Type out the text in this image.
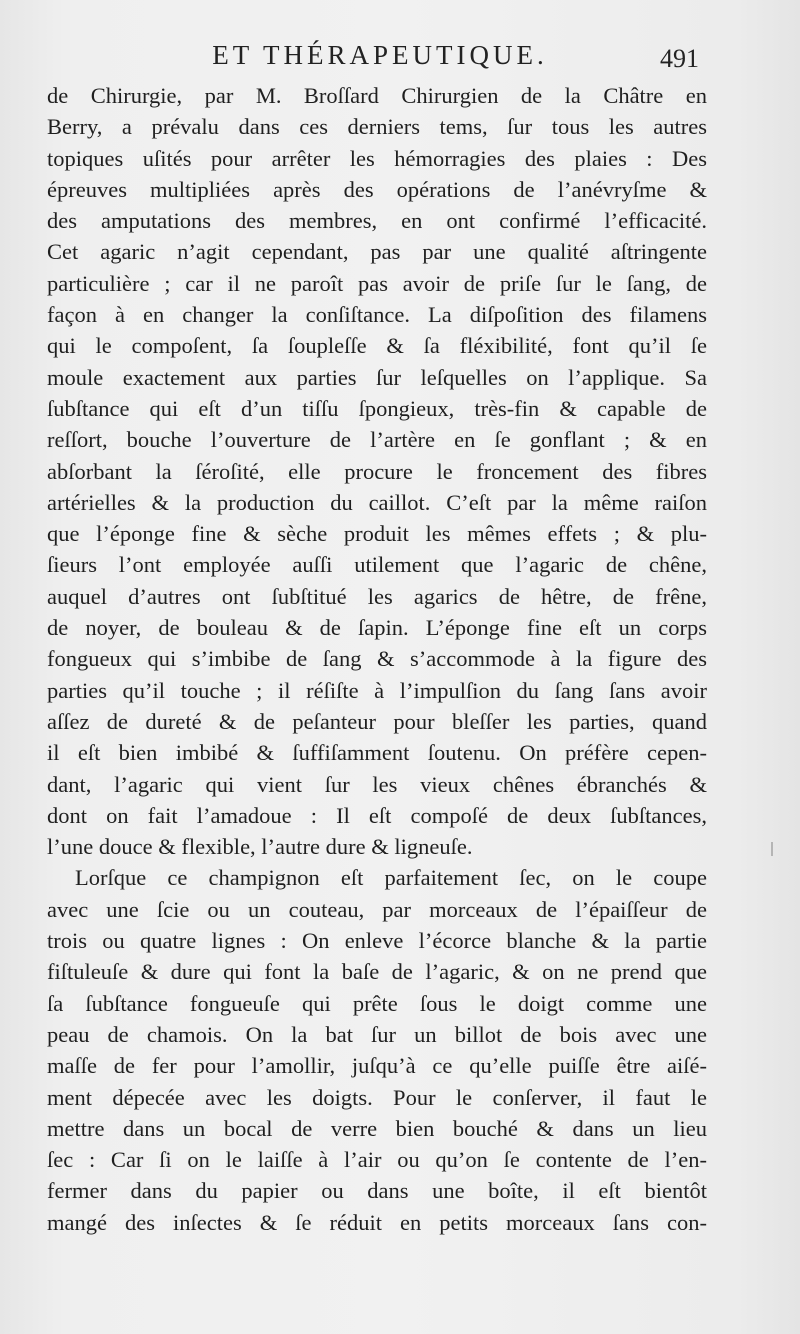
ET THÉRAPEUTIQUE.	491
de Chirurgie, par M. Broſſard Chirurgien de la Châtre en
Berry, a prévalu dans ces derniers tems, ſur tous les autres
topiques uſités pour arrêter les hémorragies des plaies : Des
épreuves multipliées après des opérations de l’anévryſme &
des amputations des membres, en ont confirmé l’efficacité.
Cet agaric n’agit cependant, pas par une qualité aſtringente
particulière ; car il ne paroît pas avoir de priſe ſur le ſang, de
façon à en changer la conſiſtance. La diſpoſition des filamens
qui le compoſent, ſa ſoupleſſe & ſa fléxibilité, font qu’il ſe
moule exactement aux parties ſur leſquelles on l’applique. Sa
ſubſtance qui eſt d’un tiſſu ſpongieux, très-fin & capable de
reſſort, bouche l’ouverture de l’artère en ſe gonflant ; & en
abſorbant la ſéroſité, elle procure le froncement des fibres
artérielles & la production du caillot. C’eſt par la même raiſon
que l’éponge fine & sèche produit les mêmes effets ; & plu-
ſieurs l’ont employée auſſi utilement que l’agaric de chêne,
auquel d’autres ont ſubſtitué les agarics de hêtre, de frêne,
de noyer, de bouleau & de ſapin. L’éponge fine eſt un corps
fongueux qui s’imbibe de ſang & s’accommode à la figure des
parties qu’il touche ; il réſiſte à l’impulſion du ſang ſans avoir
aſſez de dureté & de peſanteur pour bleſſer les parties, quand
il eſt bien imbibé & ſuffiſamment ſoutenu. On préfère cepen-
dant, l’agaric qui vient ſur les vieux chênes ébranchés &
dont on fait l’amadoue : Il eſt compoſé de deux ſubſtances,
l’une douce & flexible, l’autre dure & ligneuſe.
Lorſque ce champignon eſt parfaitement ſec, on le coupe
avec une ſcie ou un couteau, par morceaux de l’épaiſſeur de
trois ou quatre lignes : On enleve l’écorce blanche & la partie
fiſtuleuſe & dure qui font la baſe de l’agaric, & on ne prend que
ſa ſubſtance fongueuſe qui prête ſous le doigt comme une
peau de chamois. On la bat ſur un billot de bois avec une
maſſe de fer pour l’amollir, juſqu’à ce qu’elle puiſſe être aiſé-
ment dépecée avec les doigts. Pour le conſerver, il faut le
mettre dans un bocal de verre bien bouché & dans un lieu
ſec : Car ſi on le laiſſe à l’air ou qu’on ſe contente de l’en-
fermer dans du papier ou dans une boîte, il eſt bientôt
mangé des inſectes & ſe réduit en petits morceaux ſans con-
